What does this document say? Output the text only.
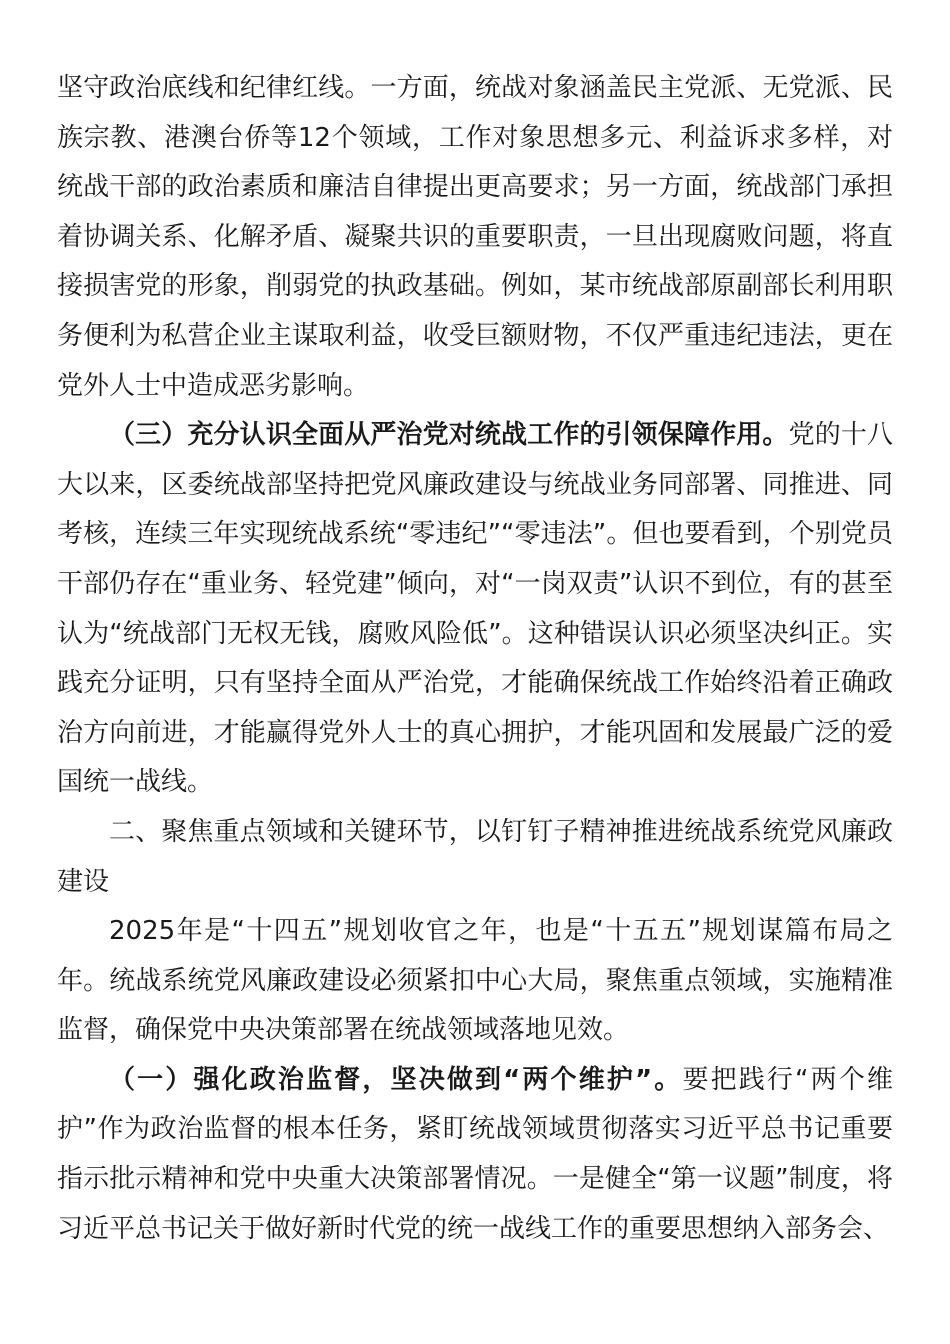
坚守政治底线和纪律红线。一方面，统战对象涵盖民主党派、无党派、民族宗教、港澳台侨等12个领域，工作对象思想多元、利益诉求多样，对统战干部的政治素质和廉洁自律提出更高要求；另一方面，统战部门承担着协调关系、化解矛盾、凝聚共识的重要职责，一旦出现腐败问题，将直接损害党的形象，削弱党的执政基础。例如，某市统战部原副部长利用职务便利为私营企业主谋取利益，收受巨额财物，不仅严重违纪违法，更在党外人士中造成恶劣影响。

（三）充分认识全面从严治党对统战工作的引领保障作用。党的十八大以来，区委统战部坚持把党风廉政建设与统战业务同部署、同推进、同考核，连续三年实现统战系统“零违纪”“零违法”。但也要看到，个别党员干部仍存在“重业务、轻党建”倾向，对“一岗双责”认识不到位，有的甚至认为“统战部门无权无钱，腐败风险低”。这种错误认识必须坚决纠正。实践充分证明，只有坚持全面从严治党，才能确保统战工作始终沿着正确政治方向前进，才能赢得党外人士的真心拥护，才能巩固和发展最广泛的爱国统一战线。

二、聚焦重点领域和关键环节，以钉钉子精神推进统战系统党风廉政建设

2025年是“十四五”规划收官之年，也是“十五五”规划谋篇布局之年。统战系统党风廉政建设必须紧扣中心大局，聚焦重点领域，实施精准监督，确保党中央决策部署在统战领域落地见效。

（一）强化政治监督，坚决做到“两个维护”。要把践行“两个维护”作为政治监督的根本任务，紧盯统战领域贯彻落实习近平总书记重要指示批示精神和党中央重大决策部署情况。一是健全“第一议题”制度，将习近平总书记关于做好新时代党的统一战线工作的重要思想纳入部务会、
